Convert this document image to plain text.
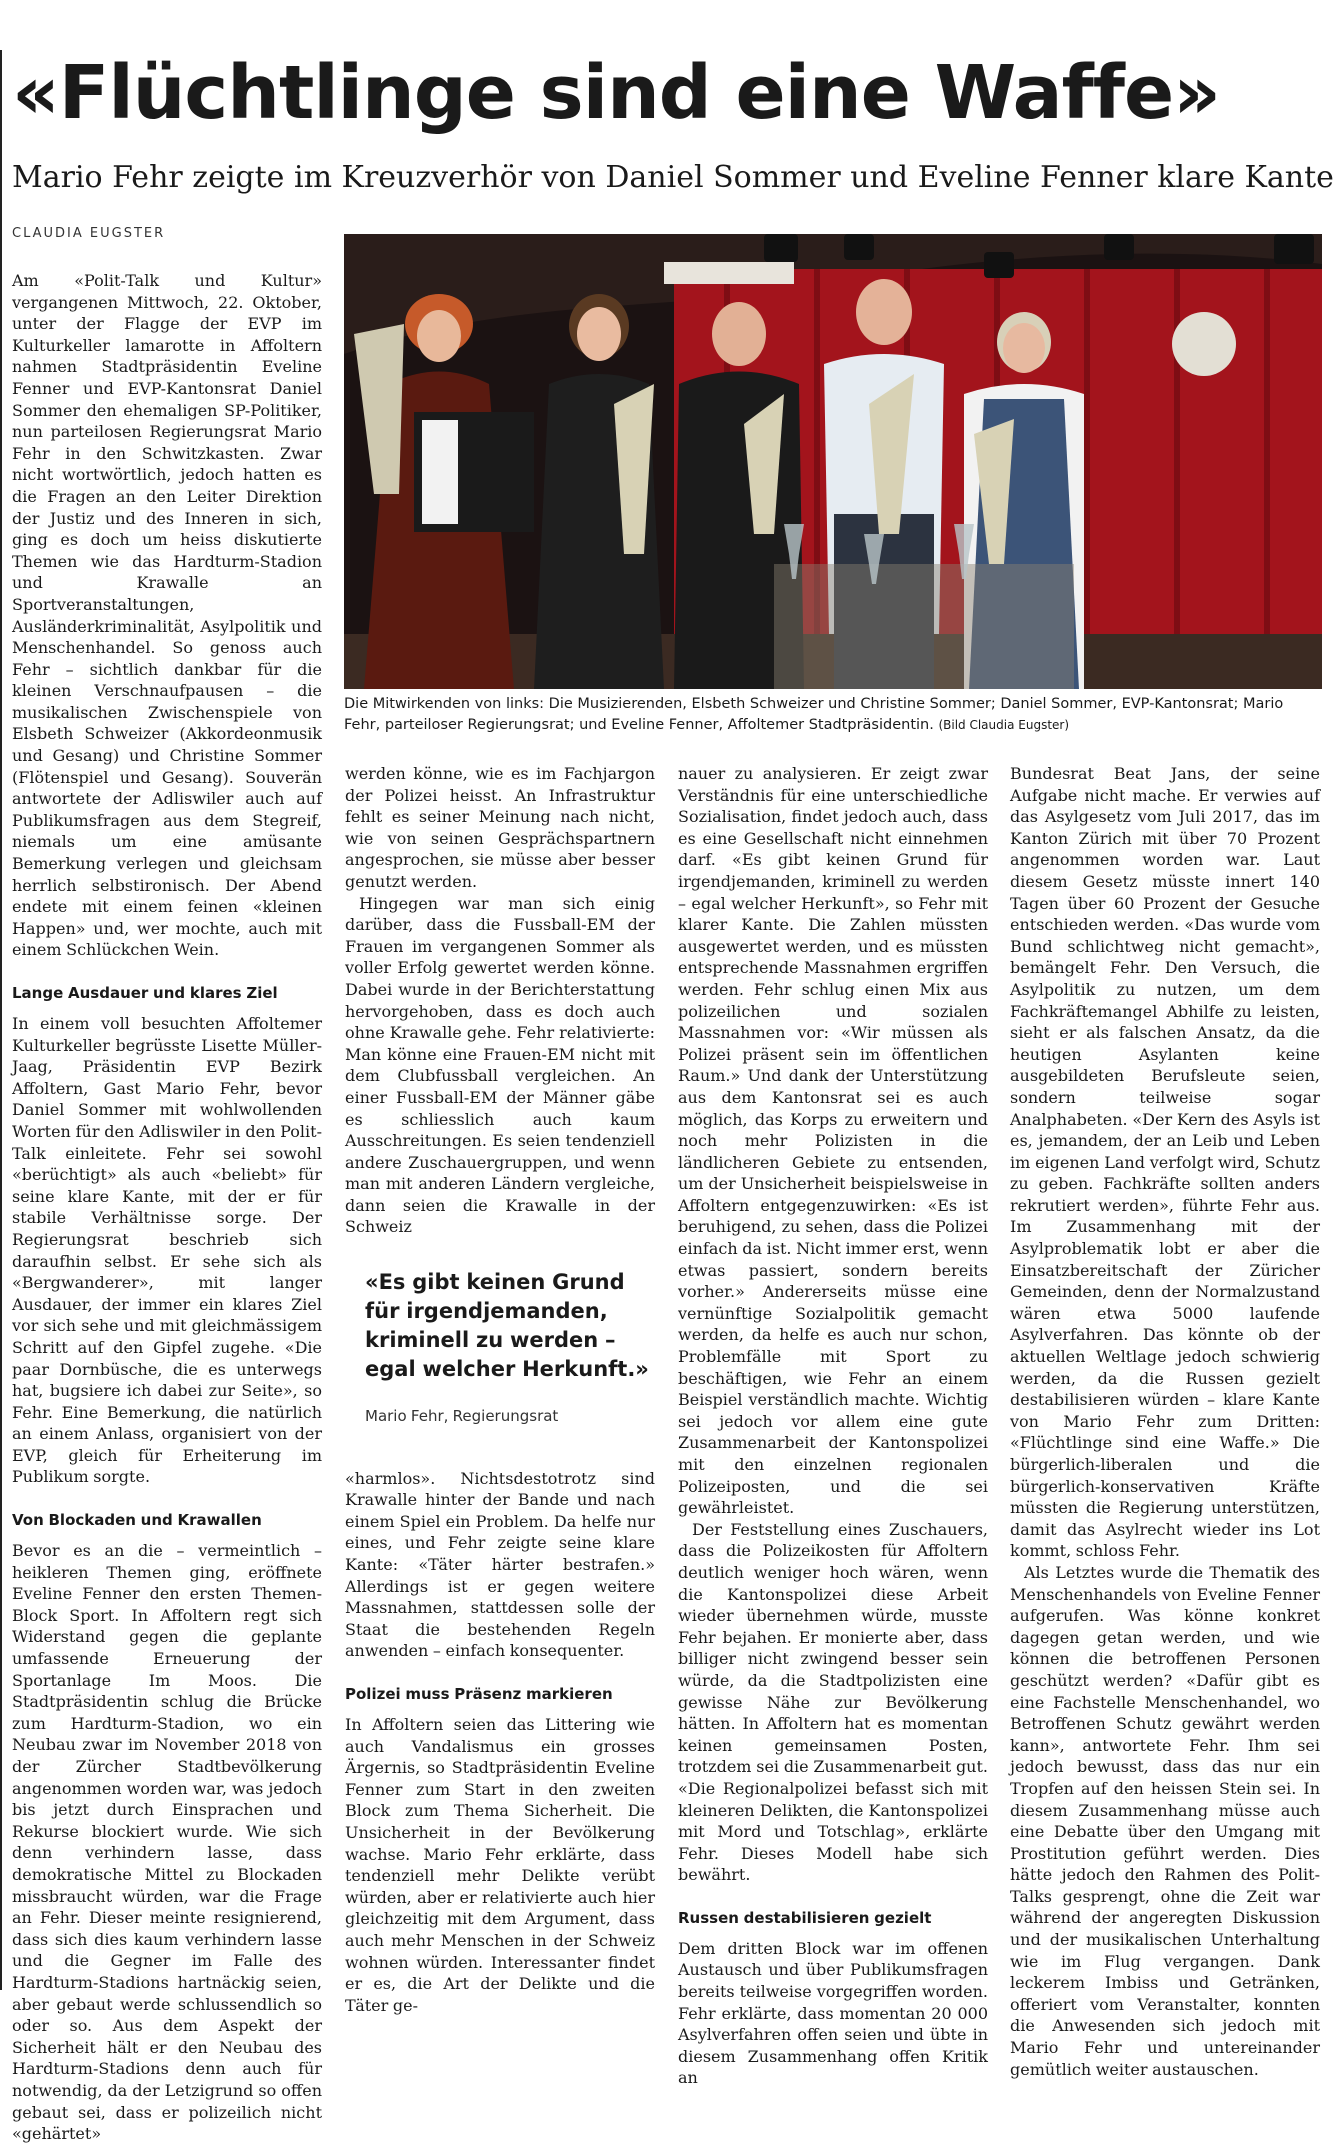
«Flüchtlinge sind eine Waffe»
Mario Fehr zeigte im Kreuzverhör von Daniel Sommer und Eveline Fenner klare Kante
CLAUDIA EUGSTER

Am «Polit-Talk und Kultur» vergangenen Mittwoch, 22. Oktober, unter der Flagge der EVP im Kulturkeller lamarotte in Affoltern nahmen Stadtpräsidentin Eveline Fenner und EVP-Kantonsrat Daniel Sommer den ehemaligen SP-Politiker, nun parteilosen Regierungsrat Mario Fehr in den Schwitzkasten. Zwar nicht wortwörtlich, jedoch hatten es die Fragen an den Leiter Direktion der Justiz und des Inneren in sich, ging es doch um heiss diskutierte Themen wie das Hardturm-Stadion und Krawalle an Sportveranstaltungen, Ausländerkriminalität, Asylpolitik und Menschenhandel. So genoss auch Fehr – sichtlich dankbar für die kleinen Verschnaufpausen – die musikalischen Zwischenspiele von Elsbeth Schweizer (Akkordeonmusik und Gesang) und Christine Sommer (Flötenspiel und Gesang). Souverän antwortete der Adliswiler auch auf Publikumsfragen aus dem Stegreif, niemals um eine amüsante Bemerkung verlegen und gleichsam herrlich selbstironisch. Der Abend endete mit einem feinen «kleinen Happen» und, wer mochte, auch mit einem Schlückchen Wein.

Lange Ausdauer und klares Ziel

In einem voll besuchten Affoltemer Kulturkeller begrüsste Lisette Müller-Jaag, Präsidentin EVP Bezirk Affoltern, Gast Mario Fehr, bevor Daniel Sommer mit wohlwollenden Worten für den Adliswiler in den Polit-Talk einleitete. Fehr sei sowohl «berüchtigt» als auch «beliebt» für seine klare Kante, mit der er für stabile Verhältnisse sorge. Der Regierungsrat beschrieb sich daraufhin selbst. Er sehe sich als «Bergwanderer», mit langer Ausdauer, der immer ein klares Ziel vor sich sehe und mit gleichmässigem Schritt auf den Gipfel zugehe. «Die paar Dornbüsche, die es unterwegs hat, bugsiere ich dabei zur Seite», so Fehr. Eine Bemerkung, die natürlich an einem Anlass, organisiert von der EVP, gleich für Erheiterung im Publikum sorgte.

Von Blockaden und Krawallen

Bevor es an die – vermeintlich – heikleren Themen ging, eröffnete Eveline Fenner den ersten Themen-Block Sport. In Affoltern regt sich Widerstand gegen die geplante umfassende Erneuerung der Sportanlage Im Moos. Die Stadtpräsidentin schlug die Brücke zum Hardturm-Stadion, wo ein Neubau zwar im November 2018 von der Zürcher Stadtbevölkerung angenommen worden war, was jedoch bis jetzt durch Einsprachen und Rekurse blockiert wurde. Wie sich denn verhindern lasse, dass demokratische Mittel zu Blockaden missbraucht würden, war die Frage an Fehr. Dieser meinte resignierend, dass sich dies kaum verhindern lasse und die Gegner im Falle des Hardturm-Stadions hartnäckig seien, aber gebaut werde schlussendlich so oder so. Aus dem Aspekt der Sicherheit hält er den Neubau des Hardturm-Stadions denn auch für notwendig, da der Letzigrund so offen gebaut sei, dass er polizeilich nicht «gehärtet»

Die Mitwirkenden von links: Die Musizierenden, Elsbeth Schweizer und Christine Sommer; Daniel Sommer, EVP-Kantonsrat; Mario Fehr, parteiloser Regierungsrat; und Eveline Fenner, Affoltemer Stadtpräsidentin. (Bild Claudia Eugster)

werden könne, wie es im Fachjargon der Polizei heisst. An Infrastruktur fehlt es seiner Meinung nach nicht, wie von seinen Gesprächspartnern angesprochen, sie müsse aber besser genutzt werden.

Hingegen war man sich einig darüber, dass die Fussball-EM der Frauen im vergangenen Sommer als voller Erfolg gewertet werden könne. Dabei wurde in der Berichterstattung hervorgehoben, dass es doch auch ohne Krawalle gehe. Fehr relativierte: Man könne eine Frauen-EM nicht mit dem Clubfussball vergleichen. An einer Fussball-EM der Männer gäbe es schliesslich auch kaum Ausschreitungen. Es seien tendenziell andere Zuschauergruppen, und wenn man mit anderen Ländern vergleiche, dann seien die Krawalle in der Schweiz

«Es gibt keinen Grund für irgendjemanden, kriminell zu werden – egal welcher Herkunft.»
Mario Fehr, Regierungsrat

«harmlos». Nichtsdestotrotz sind Krawalle hinter der Bande und nach einem Spiel ein Problem. Da helfe nur eines, und Fehr zeigte seine klare Kante: «Täter härter bestrafen.» Allerdings ist er gegen weitere Massnahmen, stattdessen solle der Staat die bestehenden Regeln anwenden – einfach konsequenter.

Polizei muss Präsenz markieren

In Affoltern seien das Littering wie auch Vandalismus ein grosses Ärgernis, so Stadtpräsidentin Eveline Fenner zum Start in den zweiten Block zum Thema Sicherheit. Die Unsicherheit in der Bevölkerung wachse. Mario Fehr erklärte, dass tendenziell mehr Delikte verübt würden, aber er relativierte auch hier gleichzeitig mit dem Argument, dass auch mehr Menschen in der Schweiz wohnen würden. Interessanter findet er es, die Art der Delikte und die Täter ge-

nauer zu analysieren. Er zeigt zwar Verständnis für eine unterschiedliche Sozialisation, findet jedoch auch, dass es eine Gesellschaft nicht einnehmen darf. «Es gibt keinen Grund für irgendjemanden, kriminell zu werden – egal welcher Herkunft», so Fehr mit klarer Kante. Die Zahlen müssten ausgewertet werden, und es müssten entsprechende Massnahmen ergriffen werden. Fehr schlug einen Mix aus polizeilichen und sozialen Massnahmen vor: «Wir müssen als Polizei präsent sein im öffentlichen Raum.» Und dank der Unterstützung aus dem Kantonsrat sei es auch möglich, das Korps zu erweitern und noch mehr Polizisten in die ländlicheren Gebiete zu entsenden, um der Unsicherheit beispielsweise in Affoltern entgegenzuwirken: «Es ist beruhigend, zu sehen, dass die Polizei einfach da ist. Nicht immer erst, wenn etwas passiert, sondern bereits vorher.» Andererseits müsse eine vernünftige Sozialpolitik gemacht werden, da helfe es auch nur schon, Problemfälle mit Sport zu beschäftigen, wie Fehr an einem Beispiel verständlich machte. Wichtig sei jedoch vor allem eine gute Zusammenarbeit der Kantonspolizei mit den einzelnen regionalen Polizeiposten, und die sei gewährleistet.

Der Feststellung eines Zuschauers, dass die Polizeikosten für Affoltern deutlich weniger hoch wären, wenn die Kantonspolizei diese Arbeit wieder übernehmen würde, musste Fehr bejahen. Er monierte aber, dass billiger nicht zwingend besser sein würde, da die Stadtpolizisten eine gewisse Nähe zur Bevölkerung hätten. In Affoltern hat es momentan keinen gemeinsamen Posten, trotzdem sei die Zusammenarbeit gut. «Die Regionalpolizei befasst sich mit kleineren Delikten, die Kantonspolizei mit Mord und Totschlag», erklärte Fehr. Dieses Modell habe sich bewährt.

Russen destabilisieren gezielt

Dem dritten Block war im offenen Austausch und über Publikumsfragen bereits teilweise vorgegriffen worden. Fehr erklärte, dass momentan 20 000 Asylverfahren offen seien und übte in diesem Zusammenhang offen Kritik an

Bundesrat Beat Jans, der seine Aufgabe nicht mache. Er verwies auf das Asylgesetz vom Juli 2017, das im Kanton Zürich mit über 70 Prozent angenommen worden war. Laut diesem Gesetz müsste innert 140 Tagen über 60 Prozent der Gesuche entschieden werden. «Das wurde vom Bund schlichtweg nicht gemacht», bemängelt Fehr. Den Versuch, die Asylpolitik zu nutzen, um dem Fachkräftemangel Abhilfe zu leisten, sieht er als falschen Ansatz, da die heutigen Asylanten keine ausgebildeten Berufsleute seien, sondern teilweise sogar Analphabeten. «Der Kern des Asyls ist es, jemandem, der an Leib und Leben im eigenen Land verfolgt wird, Schutz zu geben. Fachkräfte sollten anders rekrutiert werden», führte Fehr aus. Im Zusammenhang mit der Asylproblematik lobt er aber die Einsatzbereitschaft der Züricher Gemeinden, denn der Normalzustand wären etwa 5000 laufende Asylverfahren. Das könnte ob der aktuellen Weltlage jedoch schwierig werden, da die Russen gezielt destabilisieren würden – klare Kante von Mario Fehr zum Dritten: «Flüchtlinge sind eine Waffe.» Die bürgerlich-liberalen und die bürgerlich-konservativen Kräfte müssten die Regierung unterstützen, damit das Asylrecht wieder ins Lot kommt, schloss Fehr.

Als Letztes wurde die Thematik des Menschenhandels von Eveline Fenner aufgerufen. Was könne konkret dagegen getan werden, und wie können die betroffenen Personen geschützt werden? «Dafür gibt es eine Fachstelle Menschenhandel, wo Betroffenen Schutz gewährt werden kann», antwortete Fehr. Ihm sei jedoch bewusst, dass das nur ein Tropfen auf den heissen Stein sei. In diesem Zusammenhang müsse auch eine Debatte über den Umgang mit Prostitution geführt werden. Dies hätte jedoch den Rahmen des Polit-Talks gesprengt, ohne die Zeit war während der angeregten Diskussion und der musikalischen Unterhaltung wie im Flug vergangen. Dank leckerem Imbiss und Getränken, offeriert vom Veranstalter, konnten die Anwesenden sich jedoch mit Mario Fehr und untereinander gemütlich weiter austauschen.
